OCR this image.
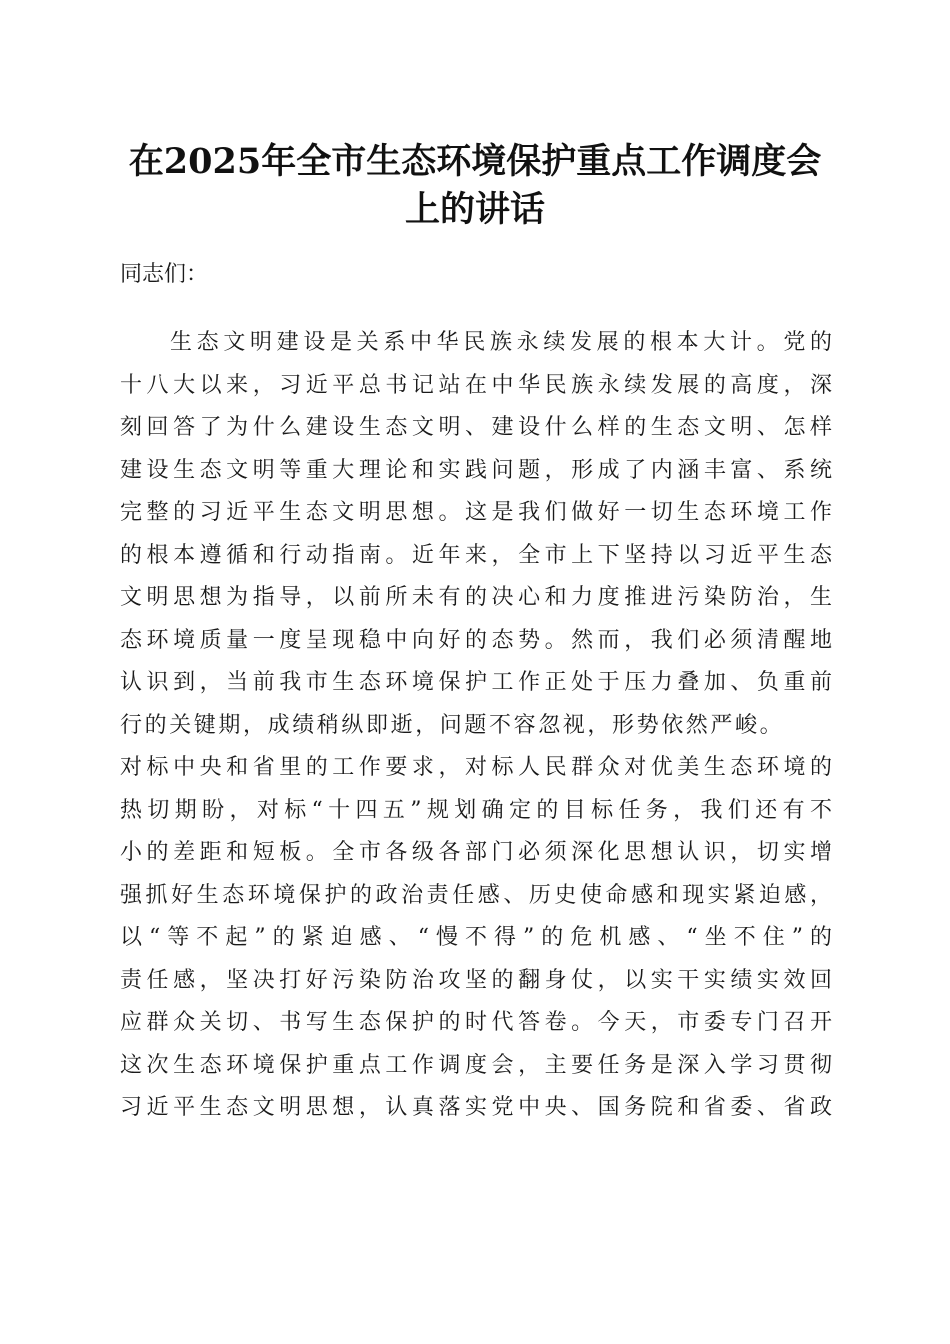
在2025年全市生态环境保护重点工作调度会
上的讲话

同志们：

生态文明建设是关系中华民族永续发展的根本大计。党的
十八大以来，习近平总书记站在中华民族永续发展的高度，深
刻回答了为什么建设生态文明、建设什么样的生态文明、怎样
建设生态文明等重大理论和实践问题，形成了内涵丰富、系统
完整的习近平生态文明思想。这是我们做好一切生态环境工作
的根本遵循和行动指南。近年来，全市上下坚持以习近平生态
文明思想为指导，以前所未有的决心和力度推进污染防治，生
态环境质量一度呈现稳中向好的态势。然而，我们必须清醒地
认识到，当前我市生态环境保护工作正处于压力叠加、负重前
行的关键期，成绩稍纵即逝，问题不容忽视，形势依然严峻。
对标中央和省里的工作要求，对标人民群众对优美生态环境的
热切期盼，对标“十四五”规划确定的目标任务，我们还有不
小的差距和短板。全市各级各部门必须深化思想认识，切实增
强抓好生态环境保护的政治责任感、历史使命感和现实紧迫感，
以“等不起”的紧迫感、“慢不得”的危机感、“坐不住”的
责任感，坚决打好污染防治攻坚的翻身仗，以实干实绩实效回
应群众关切、书写生态保护的时代答卷。今天，市委专门召开
这次生态环境保护重点工作调度会，主要任务是深入学习贯彻
习近平生态文明思想，认真落实党中央、国务院和省委、省政
